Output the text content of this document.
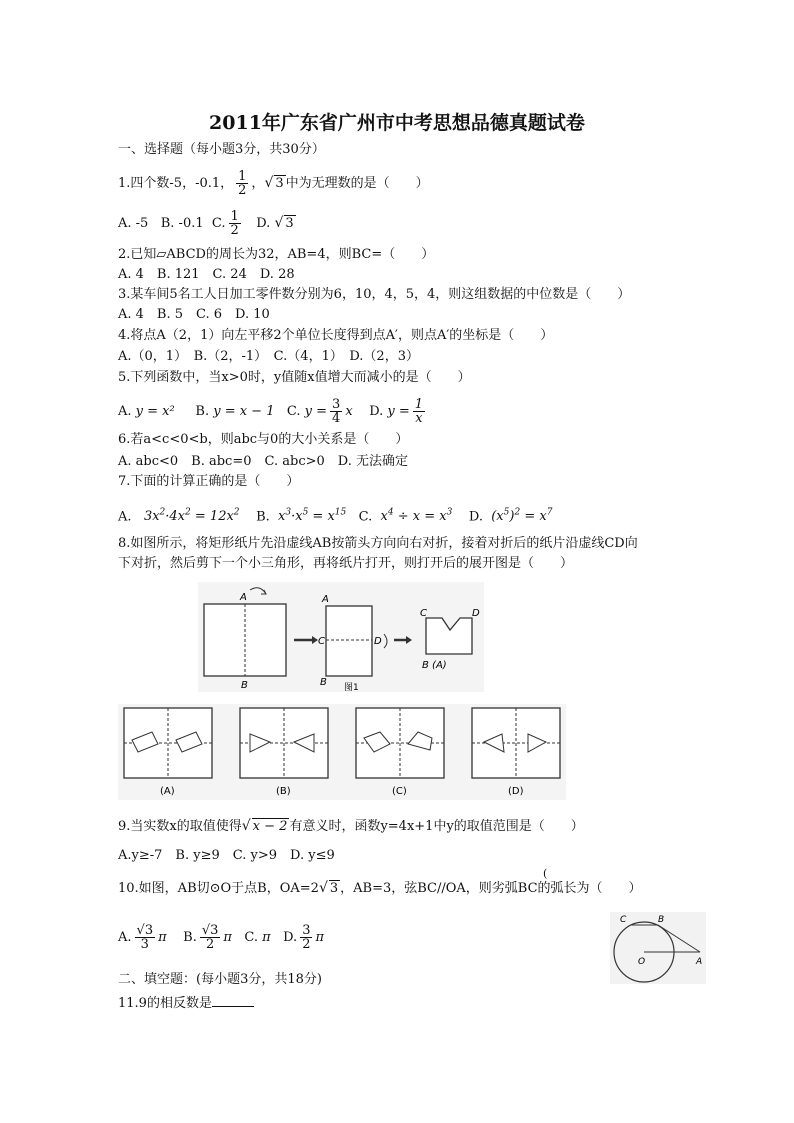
2011年广东省广州市中考思想品德真题试卷
一、选择题（每小题3分，共30分）
1.四个数-5，-0.1， $\frac{1}{2}$ ，√ 3 中为无理数的是（　　）
A. -5 B. -0.1 C. $\frac{1}{2} D$. √ 3
2.已知▱ABCD的周长为32，AB=4，则BC=（　　）
A. 4　B. 121　C. 24　D. 28
3.某车间5名工人日加工零件数分别为6，10，4，5，4，则这组数据的中位数是（　　）
A. 4　B. 5　C. 6　D. 10
4.将点A（2，1）向左平移2个单位长度得到点A′，则点A′的坐标是（　　）
A.（0，1）　B.（2，-1）　C.（4，1）　D.（2，3）
5.下列函数中，当x>0时，y值随x值增大而减小的是（　　）
A. y = x² B. y = x − 1 C. $y = \frac{3}{4}$ x D. $y = \frac{1}{x}$
6.若a<c<0<b，则abc与0的大小关系是（　　）
A. abc<0　B. abc=0　C. abc>0　D. 无法确定
7.下面的计算正确的是（　　）
A. $3x^2\cdot 4x^2 = 12x^2$ B. $x^3\cdot x^5 = x^{15}$ C. $x^4 \div x = x^3$ D. $(x^5)^2 = x^7$
8.如图所示，将矩形纸片先沿虚线AB按箭头方向向右对折，接着对折后的纸片沿虚线CD向
下对折，然后剪下一个小三角形，再将纸片打开，则打开后的展开图是（　　）
A
B
A
C	D
B 图1
C	D
B (A)
(A)	(B)	(C)	(D)
9.当实数x的取值使得√ x − 2 有意义时，函数y=4x+1中y的取值范围是（　　）
A.y≥-7　B. y≥9　C. y>9　D. y≤9
(
10.如图，AB切⊙O于点B，OA=2√ 3 ，AB=3，弦BC//OA，则劣弧BC的弧长为（　　）
A. $\frac{√3}{3}$ π B. $\frac{√3}{2}$ π C. π D. $\frac{3}{2}$ π
C	B
O	A
二、填空题：(每小题3分，共18分)
11.9的相反数是
